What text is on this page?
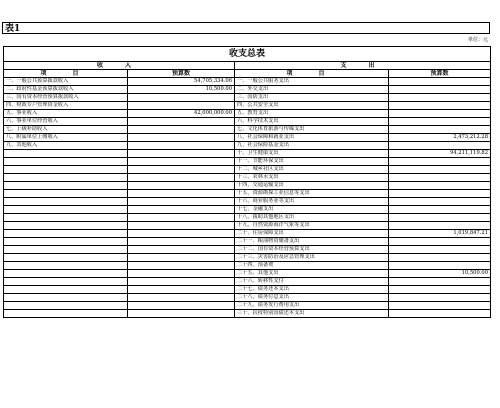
表1
单位：元
收支总表			
收 入		支 出	
项 目	预算数	项 目	预算数
一、一般公共预算拨款收入	54,705,334.06	一、一般公共服务支出	
二、政府性基金预算拨款收入	10,500.00	二、外交支出	
三、国有资本经营预算拨款收入		三、国防支出	
四、财政专户管理资金收入		四、公共安全支出	
五、事业收入	42,000,000.00	五、教育支出	
六、事业单位经营收入		六、科学技术支出	
七、上级补助收入		七、文化体育旅游与传媒支出	
八、附属单位上缴收入		八、社会保障和就业支出	2,473,212.28
九、其他收入		九、社会保险基金支出	
		十、卫生健康支出	94,211,119.82
		十一、节能环保支出	
		十二、城乡社区支出	
		十三、农林水支出	
		十四、交通运输支出	
		十五、资源勘探工业信息等支出	
		十六、商业服务业等支出	
		十七、金融支出	
		十八、援助其他地区支出	
		十九、自然资源海洋气象等支出	
		二十、住房保障支出	1,019,847.21
		二十一、粮油物资储备支出	
		二十二、国有资本经营预算支出	
		二十三、灾害防治及应急管理支出	
		二十四、预备费	
		二十五、其他支出	10,500.00
		二十六、转移性支付	
		二十七、债务还本支出	
		二十八、债务付息支出	
		二十九、债务发行费用支出	
		三十、抗疫特别国债还本支出	
